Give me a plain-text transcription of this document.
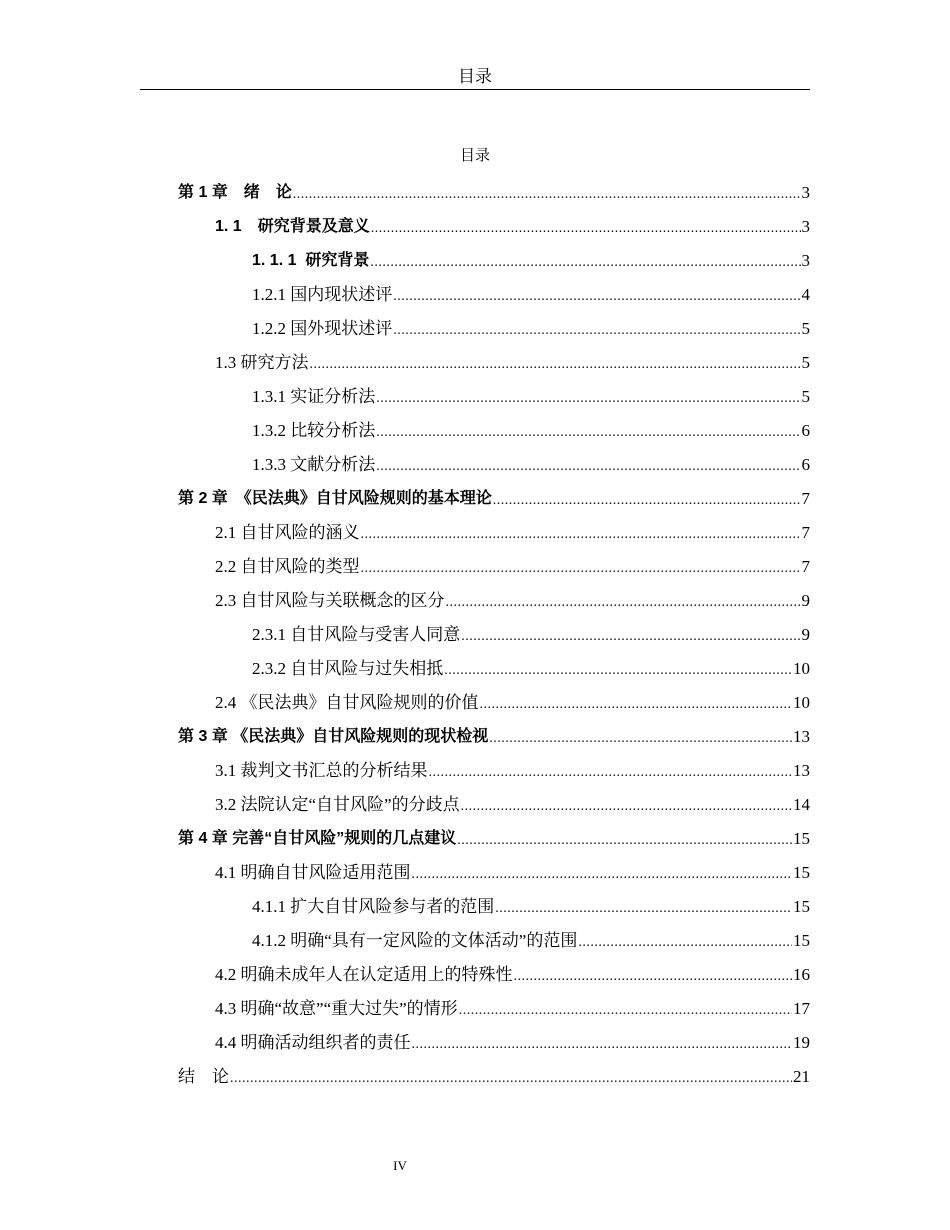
目录
目录
第 1 章　绪　论 .....	3
1. 1　研究背景及意义 .....	3
1. 1. 1  研究背景 .....	3
1.2.1 国内现状述评 .....	4
1.2.2 国外现状述评 .....	5
1.3 研究方法 .....	5
1.3.1 实证分析法 .....	5
1.3.2 比较分析法 .....	6
1.3.3 文献分析法 .....	6
第 2 章　《民法典》自甘风险规则的基本理论 .....	7
2.1 自甘风险的涵义 .....	7
2.2 自甘风险的类型 .....	7
2.3 自甘风险与关联概念的区分 .....	9
2.3.1 自甘风险与受害人同意 .....	9
2.3.2 自甘风险与过失相抵 .....	10
2.4 《民法典》自甘风险规则的价值 .....	10
第 3 章 《民法典》自甘风险规则的现状检视 .....	13
3.1 裁判文书汇总的分析结果 .....	13
3.2 法院认定“自甘风险”的分歧点 .....	14
第 4 章 完善“自甘风险”规则的几点建议 .....	15
4.1 明确自甘风险适用范围 .....	15
4.1.1 扩大自甘风险参与者的范围 .....	15
4.1.2 明确“具有一定风险的文体活动”的范围 .....	15
4.2 明确未成年人在认定适用上的特殊性 .....	16
4.3 明确“故意”“重大过失”的情形 .....	17
4.4 明确活动组织者的责任 .....	19
结　论 .....	21
IV
